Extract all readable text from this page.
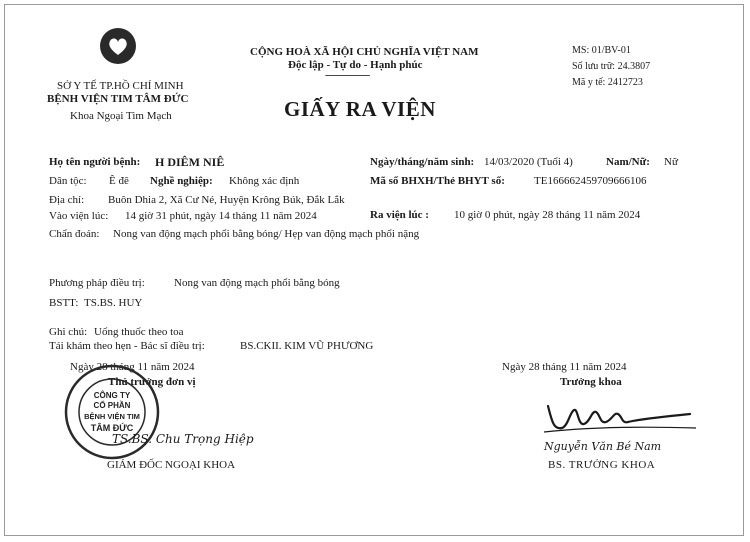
SỞ Y TẾ TP.HỒ CHÍ MINH
BỆNH VIỆN TIM TÂM ĐỨC
Khoa Ngoại Tim Mạch
CỘNG HOÀ XÃ HỘI CHỦ NGHĨA VIỆT NAM
Độc lập - Tự do - Hạnh phúc
-------------------
MS: 01/BV-01
Số lưu trữ: 24.3807
Mã y tế: 2412723
GIẤY RA VIỆN
Họ tên người bệnh: H DIÊM NIÊ	Ngày/tháng/năm sinh: 14/03/2020 (Tuổi 4)	Nam/Nữ: Nữ
Dân tộc: Ê đê Nghề nghiệp: Không xác định	Mã số BHXH/Thẻ BHYT số:	TE166662459709666106
Địa chỉ: Buôn Dhia 2, Xã Cư Né, Huyện Krông Búk, Đắk Lắk
Vào viện lúc: 14 giờ 31 phút, ngày 14 tháng 11 năm 2024	Ra viện lúc : 10 giờ 0 phút, ngày 28 tháng 11 năm 2024
Chẩn đoán: Nong van động mạch phổi bằng bóng/ Hẹp van động mạch phổi nặng
Phương pháp điều trị:	Nong van động mạch phổi bằng bóng
BSTT: TS.BS. HUY
Ghi chú: Uống thuốc theo toa
Tái khám theo hẹn - Bác sĩ điều trị:	BS.CKII. KIM VŨ PHƯƠNG
Ngày 28 tháng 11 năm 2024
Thủ trưởng đơn vị
CÔNG TY
CỔ PHẦN
BỆNH VIỆN TIM
TÂM ĐỨC
TS.BS. Chu Trọng Hiệp
GIÁM ĐỐC NGOẠI KHOA
Ngày 28 tháng 11 năm 2024
Trưởng khoa
Nguyễn Văn Bé Nam
BS. TRƯỞNG KHOA
